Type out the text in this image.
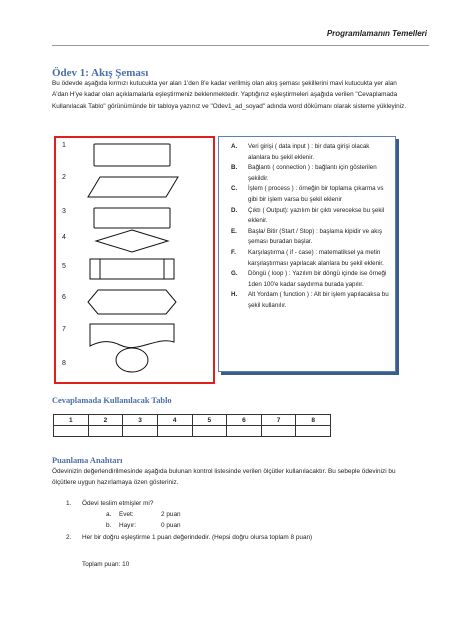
Programlamanın Temelleri
Ödev 1: Akış Şeması
Bu ödevde aşağıda kırmızı kutucukta yer alan 1'den 8'e kadar verilmiş olan akış şeması şekillerini mavi kutucukta yer alan A'dan H'ye kadar olan açıklamalarla eşleştirmeniz beklenmektedir. Yaptığınız eşleştirmeleri aşağıda verilen "Cevaplamada Kullanılacak Tablo" görünümünde bir tabloya yazınız ve "Odev1_ad_soyad" adında word dökümanı olarak sisteme yükleyiniz.
1
2
3
4
5
6
7
8
A.	Veri girişi ( data input ) : bir data girişi olacak alanlara bu şekil eklenir.
B.	Bağlantı ( connection ) : bağlantı için gösterilen şekildir.
C.	İşlem ( process ) : örneğin bir toplama çıkarma vs gibi bir işlem varsa bu şekil eklenir
D.	Çıktı ( Output): yazılım bir çıktı verecekse bu şekil eklenir.
E.	Başla/ Bitir (Start / Stop) : başlama kipidir ve akış şeması buradan başlar.
F.	Karşılaştırma ( if - case) : matematiksel ya metin karşılaştırması yapılacak alanlara bu şekil eklenir.
G.	Döngü ( loop ) : Yazılım bir döngü içinde ise örneği 1den 100'e kadar saydırma burada yapılır.
H.	Alt Yordam ( function ) : Alt bir işlem yapılacaksa bu şekil kullanılır.
Cevaplamada Kullanılacak Tablo
1	2	3	4	5	6	7	8

Puanlama Anahtarı
Ödevinizin değerlendirilmesinde aşağıda bulunan kontrol listesinde verilen ölçütler kullanılacaktır. Bu sebeple ödevinizi bu ölçütlere uygun hazırlamaya özen gösteriniz.
1. Ödevi teslim etmişler mi?
a. Evet:	2 puan
b. Hayır:	0 puan
2. Her bir doğru eşleştirme 1 puan değerindedir. (Hepsi doğru olursa toplam 8 puan)
Toplam puan: 10
